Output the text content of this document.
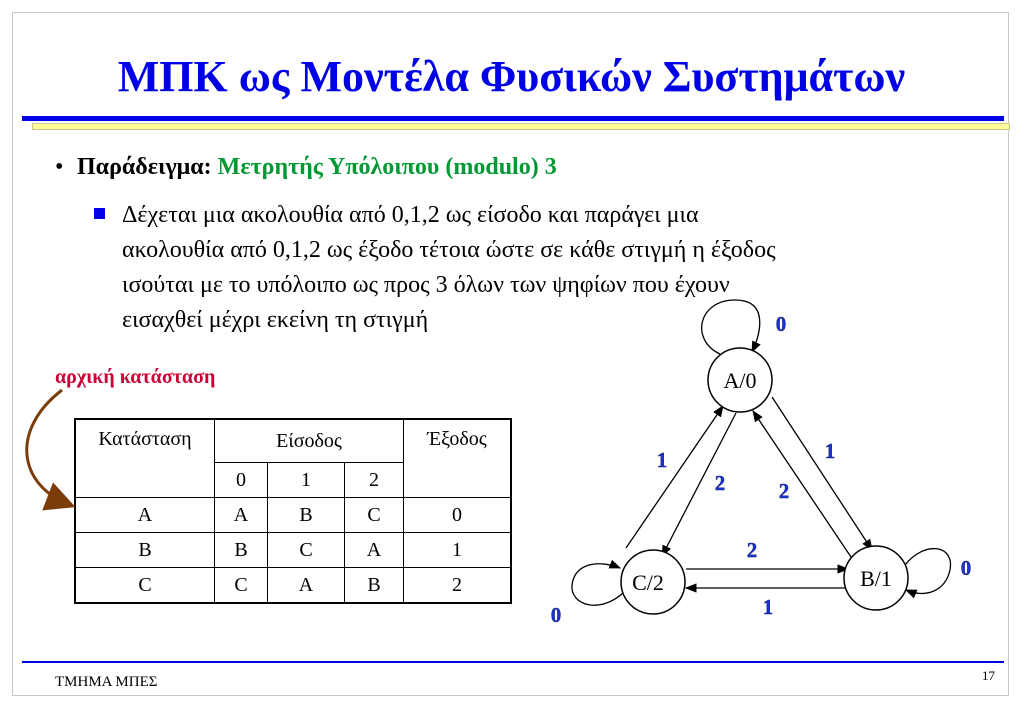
ΜΠΚ ως Μοντέλα Φυσικών Συστημάτων
• Παράδειγμα: Μετρητής Υπόλοιπου (modulo) 3
Δέχεται μια ακολουθία από 0,1,2 ως είσοδο και παράγει μια
ακολουθία από 0,1,2 ως έξοδο τέτοια ώστε σε κάθε στιγμή η έξοδος
ισούται με το υπόλοιπο ως προς 3 όλων των ψηφίων που έχουν
εισαχθεί μέχρι εκείνη τη στιγμή
αρχική κατάσταση
Κατάσταση	Είσοδος			Έξοδος
	0	1	2	
A	A	B	C	0
B	B	C	A	1
C	C	A	B	2
A/0
B/1
C/2
0
0
0
1
2
1
2
2
1
ΤΜΗΜΑ ΜΠΕΣ	17
